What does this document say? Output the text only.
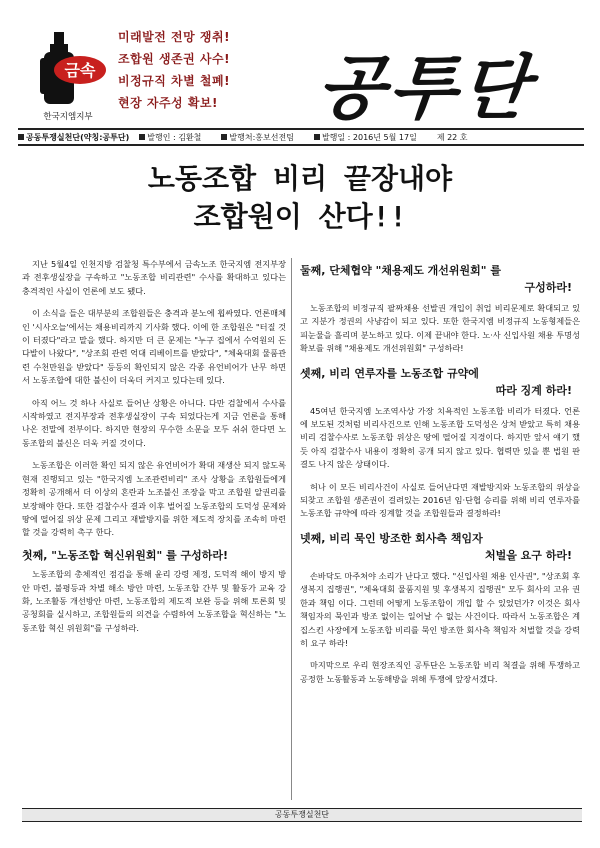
금속
한국지엠지부
미래발전 전망 쟁취!
조합원 생존권 사수!
비정규직 차별 철폐!
현장 자주성 확보! 공투단
공동투쟁실천단(약칭:공투단)	발행인 : 김환철	발행처:홍보선전팀	발행일 : 2016년 5월 17일	제 22 호
노동조합 비리 끝장내야
조합원이 산다!!

지난 5월4일 인천지방 검찰청 특수부에서 금속노조 한국지엠 전지부장과 전후생실장을 구속하고 "노동조합 비리관련" 수사를 확대하고 있다는 충격적인 사실이 언론에 보도 됐다.

이 소식을 들은 대부분의 조합원들은 충격과 분노에 휩싸였다. 언론매체인 '시사오늘'에서는 채용비리까지 기사화 했다. 이에 한 조합원은 "터질 것이 터졌다"라고 말을 했다. 하지만 더 큰 문제는 "누구 집에서 수억원의 돈다발이 나왔다", "상조회 관련 억대 리베이트를 받았다", "체육대회 물품관련 수천만원을 받았다" 등등의 확인되지 않은 각종 유언비어가 난무 하면서 노동조합에 대한 불신이 더욱더 커지고 있다는데 있다.

아직 어느 것 하나 사실로 들어난 상황은 아니다. 다만 검찰에서 수사를 시작하였고 전지부장과 전후생실장이 구속 되었다는게 지금 언론을 통해 나온 전말에 전부이다. 하지만 현장의 무수한 소문을 모두 쉬쉬 한다면 노동조합의 불신은 더욱 커질 것이다.

노동조합은 이러한 확인 되지 않은 유언비어가 확대 재생산 되지 않도록 현재 진행되고 있는 "한국지엠 노조관련비리" 조사 상황을 조합원들에게 정확히 공개해서 더 이상의 혼란과 노조불신 조장을 막고 조합원 알권리를 보장해야 한다. 또한 검찰수사 결과 이후 벌어질 노동조합의 도덕성 문제와 땅에 떨어질 위상 문제 그리고 재발방지를 위한 제도적 장치를 조속히 마련 할 것을 강력히 촉구 한다.

첫째, "노동조합 혁신위원회" 를 구성하라!

노동조합의 총체적인 점검을 통해 윤리 강령 제정, 도덕적 해이 방지 방안 마련, 불평등과 차별 해소 방안 마련, 노동조합 간부 및 활동가 교육 강화, 노조활동 개선방안 마련, 노동조합의 제도적 보완 등을 위해 토론회 및 공청회를 실시하고, 조합원들의 의견을 수렴하여 노동조합을 혁신하는 "노동조합 혁신 위원회"를 구성하라.

둘째, 단체협약 "채용제도 개선위원회" 를
구성하라!

노동조합의 비정규직 팔짜채용 선발권 개입이 취업 비리문제로 확대되고 있고 지분가 정권의 사냥감이 되고 있다. 또한 한국지엠 비정규직 노동형제들은 피눈물을 흘리며 분노하고 있다. 이제 끝내야 한다. 노·사 신입사원 채용 투명성 확보를 위해 "채용제도 개선위원회" 구성하라!

셋째, 비리 연루자를 노동조합 규약에
따라 징계 하라!

45여년 한국지엠 노조역사상 가장 치욕적인 노동조합 비리가 터졌다. 언론에 보도된 것처럼 비리사건으로 인해 노동조합 도덕성은 상처 받았고 특히 채용비리 검찰수사로 노동조합 위상은 땅에 떨어질 지경이다. 하지만 앞서 얘기 했듯 아직 검찰수사 내용이 정확히 공개 되지 않고 있다. 협력만 있을 뿐 법원 판결도 나지 않은 상태이다.

허나 이 모든 비리사건이 사실로 들어난다면 재발방지와 노동조합의 위상을 되찾고 조합원 생존권이 걸려있는 2016년 임·단협 승리를 위해 비리 연루자를 노동조합 규약에 따라 징계할 것을 조합원들과 결정하라!

넷째, 비리 묵인 방조한 회사측 책임자
처벌을 요구 하라!

손바닥도 마주쳐야 소리가 난다고 했다. "신입사원 채용 인사권", "상조회 후생복지 집행권", "체육대회 물품지원 및 후생복지 집행권" 모두 회사의 고유 권한과 책임 이다. 그런데 어떻게 노동조합이 개입 할 수 있었던가? 이것은 회사 책임자의 묵인과 방조 없이는 일어날 수 없는 사건이다. 따라서 노동조합은 계집스킨 사장에게 노동조합 비리를 묵인 방조한 회사측 책임자 처벌할 것을 강력히 요구 하라!

마지막으로 우리 현장조직인 공투단은 노동조합 비리 척결을 위해 투쟁하고 공정한 노동활동과 노동해방을 위해 투쟁에 앞장서겠다.

공동투쟁실천단
